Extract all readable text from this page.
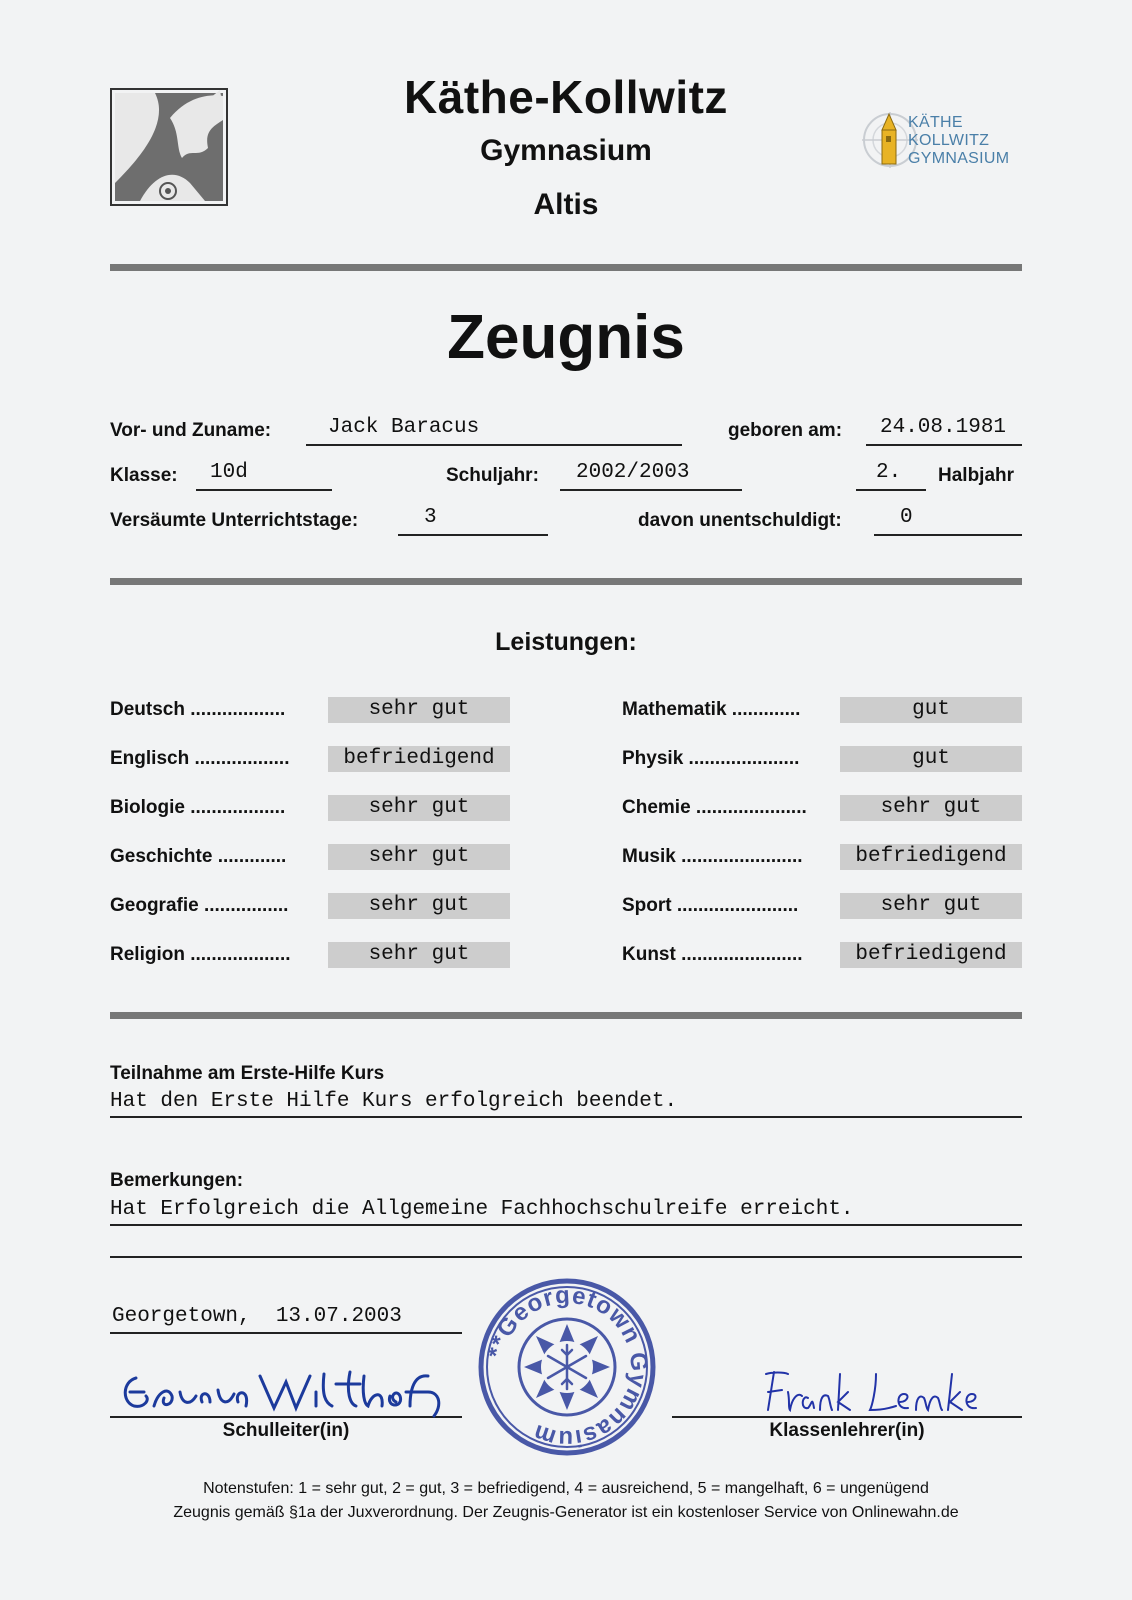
Käthe-Kollwitz
Gymnasium
Altis
KÄTHE
KOLLWITZ
GYMNASIUM
Zeugnis
Vor- und Zuname:	Jack Baracus	geboren am: 24.08.1981
Klasse: 10d	Schuljahr: 2002/2003	2. Halbjahr
Versäumte Unterrichtstage:	3	davon unentschuldigt:	0
Leistungen:
Deutsch ..................	sehr gut
Englisch ..................	befriedigend
Biologie ..................	sehr gut
Geschichte .............	sehr gut
Geografie ................	sehr gut
Religion ...................	sehr gut
Mathematik .............	gut
Physik .....................	gut
Chemie .....................	sehr gut
Musik .......................	befriedigend
Sport .......................	sehr gut
Kunst .......................	befriedigend
Teilnahme am Erste-Hilfe Kurs
Hat den Erste Hilfe Kurs erfolgreich beendet.
Bemerkungen:
Hat Erfolgreich die Allgemeine Fachhochschulreife erreicht.
Georgetown,  13.07.2003
Schulleiter(in)	Klassenlehrer(in)
**Georgetown Gymnasium
Notenstufen: 1 = sehr gut, 2 = gut, 3 = befriedigend, 4 = ausreichend, 5 = mangelhaft, 6 = ungenügend
Zeugnis gemäß §1a der Juxverordnung. Der Zeugnis-Generator ist ein kostenloser Service von Onlinewahn.de
